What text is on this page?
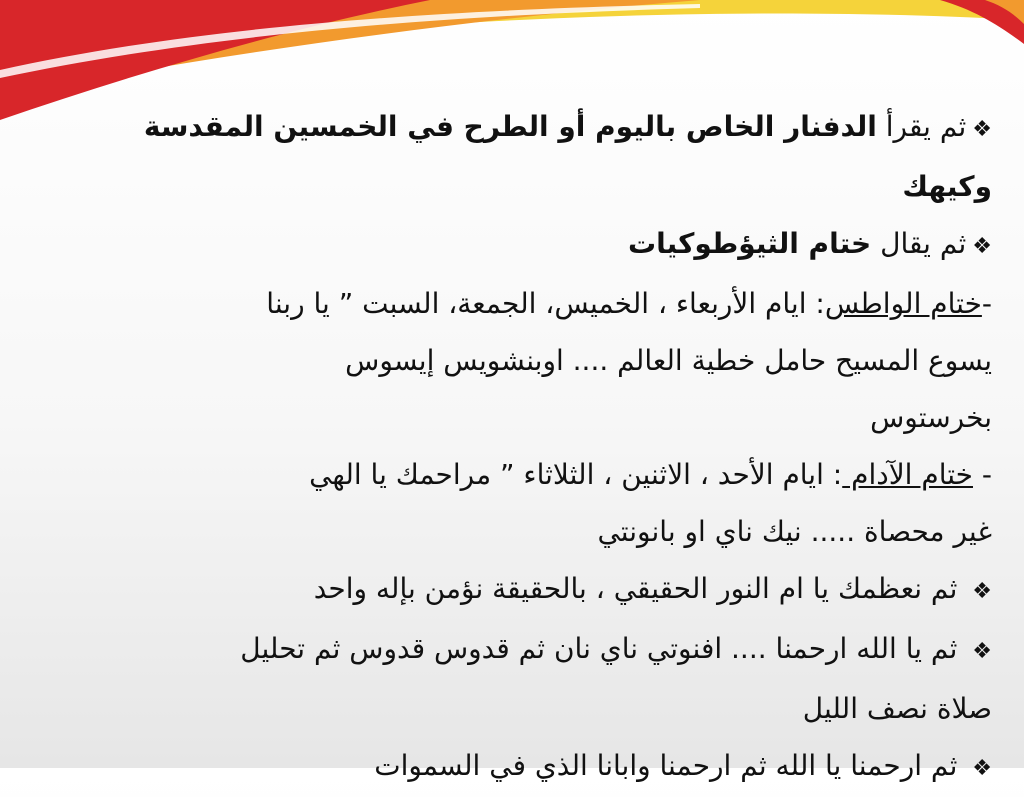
❖ثم يقرأ الدفنار الخاص باليوم أو الطرح في الخمسين المقدسة
وكيهك
❖ثم يقال ختام الثيؤطوكيات
-ختام الواطس: ايام الأربعاء ، الخميس، الجمعة، السبت ” يا ربنا
يسوع المسيح حامل خطية العالم .... اوبنشويس إيسوس
بخرستوس
- ختام الآدام : ايام الأحد ، الاثنين ، الثلاثاء ” مراحمك يا الهي
غير محصاة ..... نيك ناي او بانونتي
❖ ثم نعظمك يا ام النور الحقيقي ، بالحقيقة نؤمن بإله واحد
❖ ثم يا الله ارحمنا .... افنوتي ناي نان ثم قدوس قدوس ثم تحليل
صلاة نصف الليل
❖ ثم ارحمنا يا الله ثم ارحمنا وابانا الذي في السموات
